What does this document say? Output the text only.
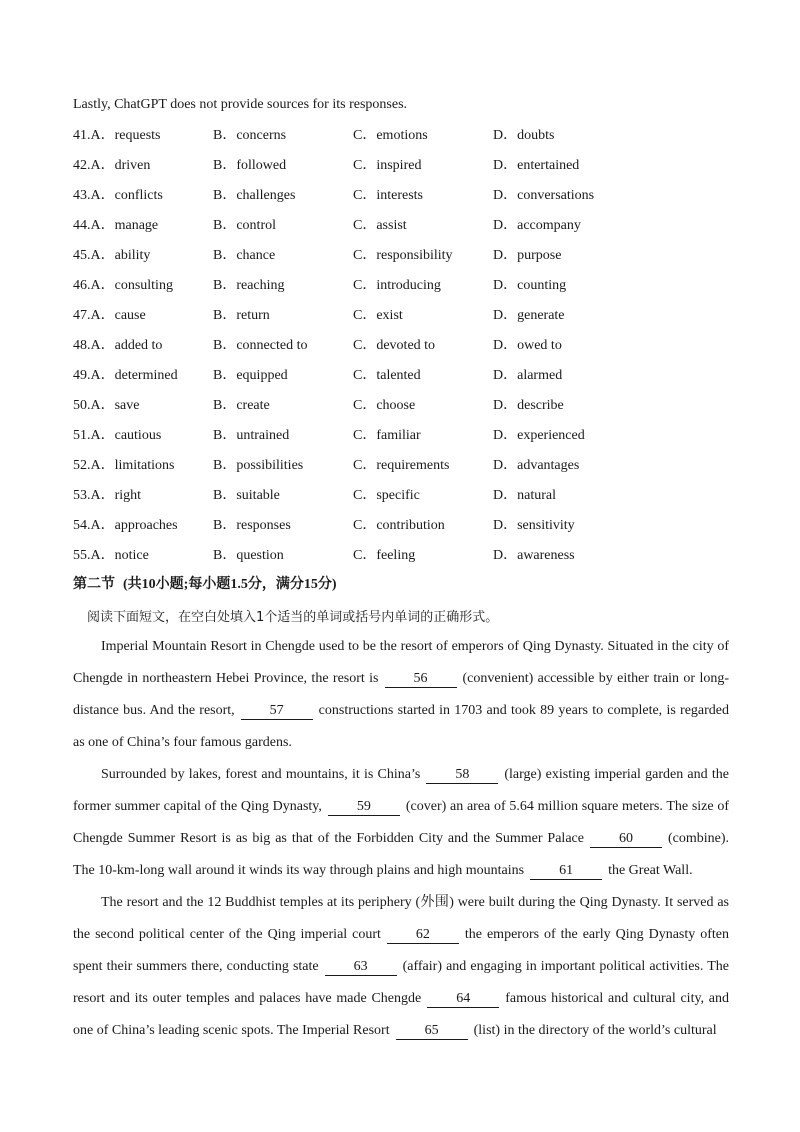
Lastly, ChatGPT does not provide sources for its responses.
41.A．requests	B．concerns	C．emotions	D．doubts
42.A．driven	B．followed	C．inspired	D．entertained
43.A．conflicts	B．challenges	C．interests	D．conversations
44.A．manage	B．control	C．assist	D．accompany
45.A．ability	B．chance	C．responsibility	D．purpose
46.A．consulting	B．reaching	C．introducing	D．counting
47.A．cause	B．return	C．exist	D．generate
48.A．added to	B．connected to	C．devoted to	D．owed to
49.A．determined	B．equipped	C．talented	D．alarmed
50.A．save	B．create	C．choose	D．describe
51.A．cautious	B．untrained	C．familiar	D．experienced
52.A．limitations	B．possibilities	C．requirements	D．advantages
53.A．right	B．suitable	C．specific	D．natural
54.A．approaches	B．responses	C．contribution	D．sensitivity
55.A．notice	B．question	C．feeling	D．awareness
第二节 (共10小题;每小题1.5分，满分15分)
阅读下面短文，在空白处填入1个适当的单词或括号内单词的正确形式。

Imperial Mountain Resort in Chengde used to be the resort of emperors of Qing Dynasty. Situated in the city of Chengde in northeastern Hebei Province, the resort is	56	(convenient) accessible by either train or long-distance bus. And the resort,	57	constructions started in 1703 and took 89 years to complete, is regarded as one of China’s four famous gardens.

Surrounded by lakes, forest and mountains, it is China’s	58	(large) existing imperial garden and the former summer capital of the Qing Dynasty,	59	(cover) an area of 5.64 million square meters. The size of Chengde Summer Resort is as big as that of the Forbidden City and the Summer Palace	60	(combine). The 10-km-long wall around it winds its way through plains and high mountains	61	the Great Wall.

The resort and the 12 Buddhist temples at its periphery (外围) were built during the Qing Dynasty. It served as the second political center of the Qing imperial court	62	the emperors of the early Qing Dynasty often spent their summers there, conducting state	63	(affair) and engaging in important political activities. The resort and its outer temples and palaces have made Chengde	64	famous historical and cultural city, and one of China’s leading scenic spots. The Imperial Resort	65	(list) in the directory of the world’s cultural
